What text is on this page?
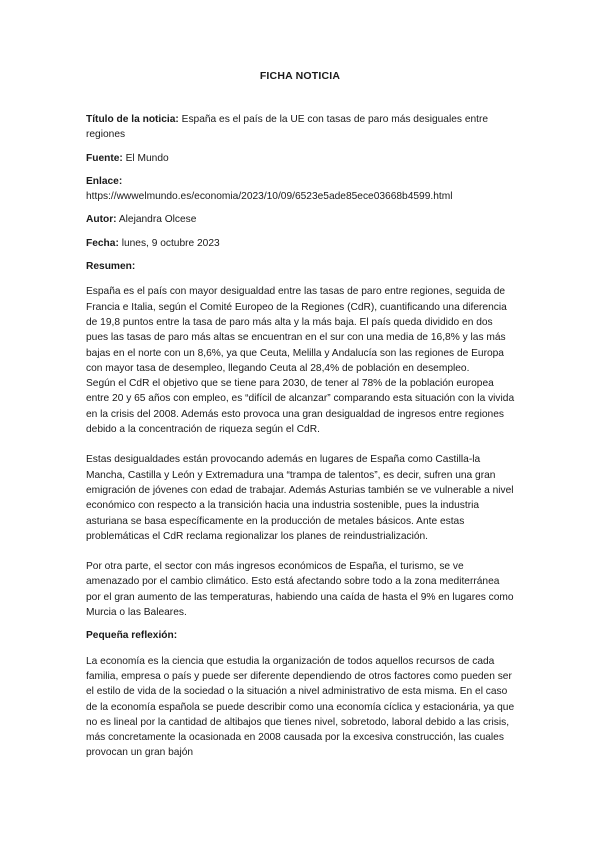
FICHA NOTICIA
Título de la noticia: España es el país de la UE con tasas de paro más desiguales entre regiones
Fuente: El Mundo
Enlace:
https://wwwelmundo.es/economia/2023/10/09/6523e5ade85ece03668b4599.html
Autor: Alejandra Olcese
Fecha: lunes, 9 octubre 2023
Resumen:

España es el país con mayor desigualdad entre las tasas de paro entre regiones, seguida de Francia e Italia, según el Comité Europeo de la Regiones (CdR), cuantificando una diferencia de 19,8 puntos entre la tasa de paro más alta y la más baja. El país queda dividido en dos pues las tasas de paro más altas se encuentran en el sur con una media de 16,8% y las más bajas en el norte con un 8,6%, ya que Ceuta, Melilla y Andalucía son las regiones de Europa con mayor tasa de desempleo, llegando Ceuta al 28,4% de población en desempleo.

Según el CdR el objetivo que se tiene para 2030, de tener al 78% de la población europea entre 20 y 65 años con empleo, es “difícil de alcanzar” comparando esta situación con la vivida en la crisis del 2008. Además esto provoca una gran desigualdad de ingresos entre regiones debido a la concentración de riqueza según el CdR.

Estas desigualdades están provocando además en lugares de España como Castilla-la Mancha, Castilla y León y Extremadura una “trampa de talentos”, es decir, sufren una gran emigración de jóvenes con edad de trabajar. Además Asturias también se ve vulnerable a nivel económico con respecto a la transición hacia una industria sostenible, pues la industria asturiana se basa específicamente en la producción de metales básicos. Ante estas problemáticas el CdR reclama regionalizar los planes de reindustrialización.

Por otra parte, el sector con más ingresos económicos de España, el turismo, se ve amenazado por el cambio climático. Esto está afectando sobre todo a la zona mediterránea por el gran aumento de las temperaturas, habiendo una caída de hasta el 9% en lugares como Murcia o las Baleares.

Pequeña reflexión:

La economía es la ciencia que estudia la organización de todos aquellos recursos de cada familia, empresa o país y puede ser diferente dependiendo de otros factores como pueden ser el estilo de vida de la sociedad o la situación a nivel administrativo de esta misma. En el caso de la economía española se puede describir como una economía cíclica y estacionária, ya que no es lineal por la cantidad de altibajos que tienes nivel, sobretodo, laboral debido a las crisis, más concretamente la ocasionada en 2008 causada por la excesiva construcción, las cuales provocan un gran bajón
